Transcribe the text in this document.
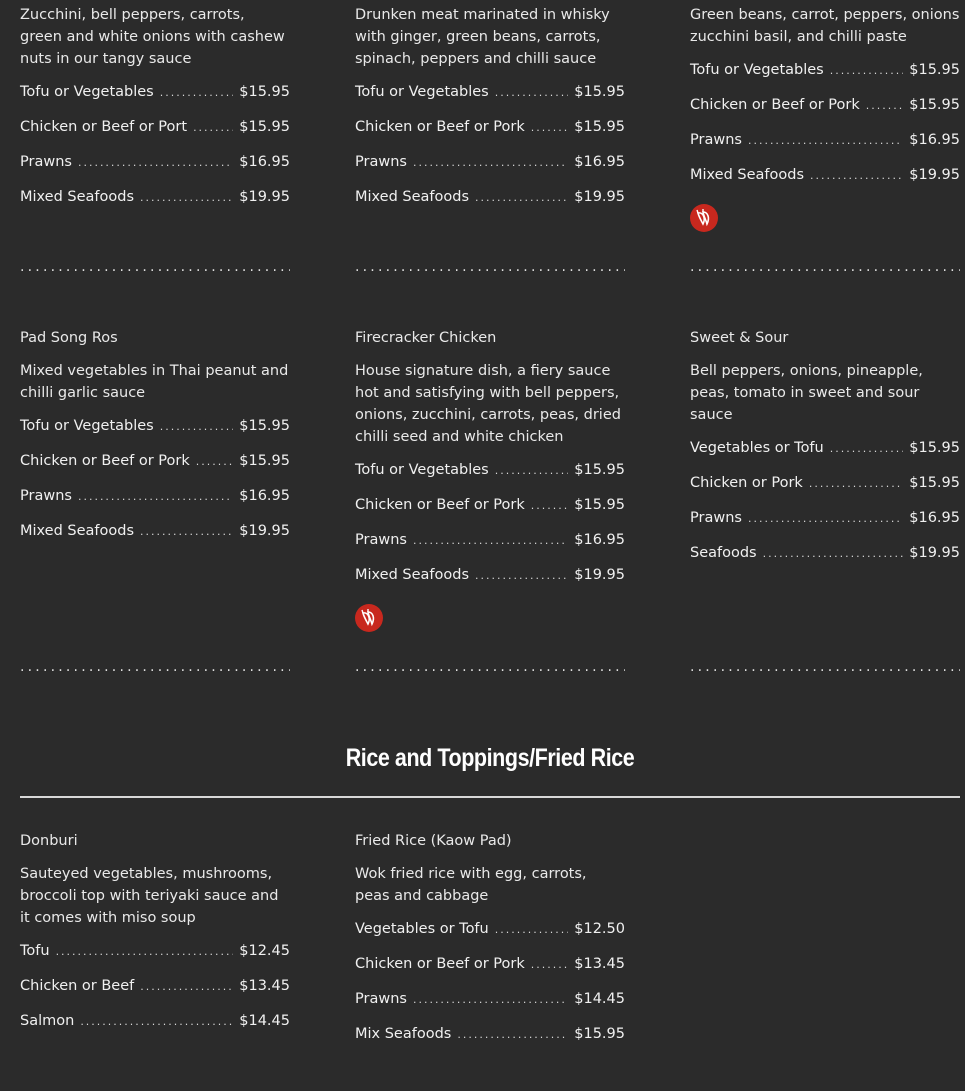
Zucchini, bell peppers, carrots, green and white onions with cashew nuts in our tangy sauce

Tofu or Vegetables .....	$15.95
Chicken or Beef or Port .....	$15.95
Prawns .....	$16.95
Mixed Seafoods .....	$19.95

Drunken meat marinated in whisky with ginger, green beans, carrots, spinach, peppers and chilli sauce

Tofu or Vegetables .....	$15.95
Chicken or Beef or Pork .....	$15.95
Prawns .....	$16.95
Mixed Seafoods .....	$19.95

Green beans, carrot, peppers, onions zucchini basil, and chilli paste

Tofu or Vegetables .....	$15.95
Chicken or Beef or Pork .....	$15.95
Prawns .....	$16.95
Mixed Seafoods .....	$19.95
.....
.....
.....
Pad Song Ros

Mixed vegetables in Thai peanut and chilli garlic sauce

Tofu or Vegetables .....	$15.95
Chicken or Beef or Pork .....	$15.95
Prawns .....	$16.95
Mixed Seafoods .....	$19.95
Firecracker Chicken

House signature dish, a fiery sauce hot and satisfying with bell peppers, onions, zucchini, carrots, peas, dried chilli seed and white chicken

Tofu or Vegetables .....	$15.95
Chicken or Beef or Pork .....	$15.95
Prawns .....	$16.95
Mixed Seafoods .....	$19.95
Sweet & Sour

Bell peppers, onions, pineapple, peas, tomato in sweet and sour sauce

Vegetables or Tofu .....	$15.95
Chicken or Pork .....	$15.95
Prawns .....	$16.95
Seafoods .....	$19.95
.....
.....
.....
Rice and Toppings/Fried Rice
Donburi

Sauteyed vegetables, mushrooms, broccoli top with teriyaki sauce and it comes with miso soup

Tofu .....	$12.45
Chicken or Beef .....	$13.45
Salmon .....	$14.45
Fried Rice (Kaow Pad)

Wok fried rice with egg, carrots, peas and cabbage

Vegetables or Tofu .....	$12.50
Chicken or Beef or Pork .....	$13.45
Prawns .....	$14.45
Mix Seafoods .....	$15.95
